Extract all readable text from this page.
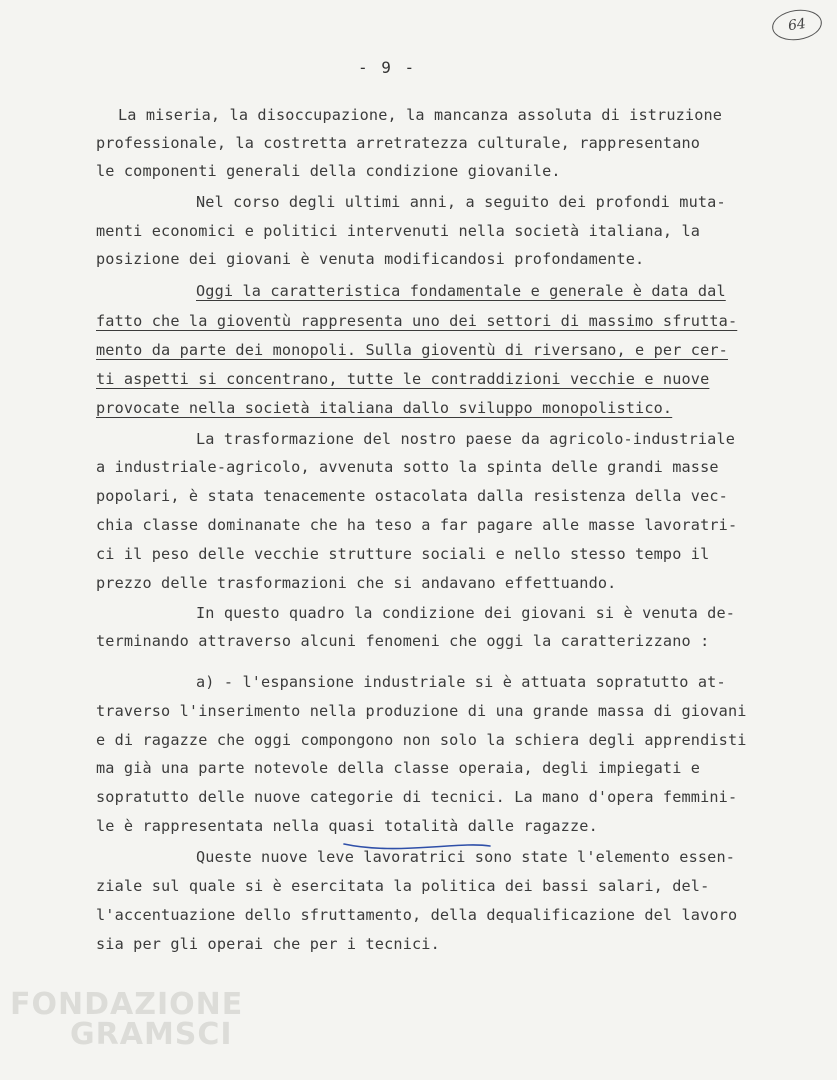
64
- 9 -
La miseria, la disoccupazione, la mancanza assoluta di istruzione
professionale, la costretta arretratezza culturale, rappresentano
le componenti generali della condizione giovanile.
Nel corso degli ultimi anni, a seguito dei profondi muta-
menti economici e politici intervenuti nella società italiana, la
posizione dei giovani è venuta modificandosi profondamente.
Oggi la caratteristica fondamentale e generale è data dal
fatto che la gioventù rappresenta uno dei settori di massimo sfrutta-
mento da parte dei monopoli. Sulla gioventù di riversano, e per cer-
ti aspetti si concentrano, tutte le contraddizioni vecchie e nuove
provocate nella società italiana dallo sviluppo monopolistico.
La trasformazione del nostro paese da agricolo-industriale
a industriale-agricolo, avvenuta sotto la spinta delle grandi masse
popolari, è stata tenacemente ostacolata dalla resistenza della vec-
chia classe dominanate che ha teso a far pagare alle masse lavoratri-
ci il peso delle vecchie strutture sociali e nello stesso tempo il
prezzo delle trasformazioni che si andavano effettuando.
In questo quadro la condizione dei giovani si è venuta de-
terminando attraverso alcuni fenomeni che oggi la caratterizzano :
a) - l'espansione industriale si è attuata sopratutto at-
traverso l'inserimento nella produzione di una grande massa di giovani
e di ragazze che oggi compongono non solo la schiera degli apprendisti
ma già una parte notevole della classe operaia, degli impiegati e
sopratutto delle nuove categorie di tecnici. La mano d'opera femmini-
le è rappresentata nella quasi totalità dalle ragazze.
Queste nuove leve lavoratrici sono state l'elemento essen-
ziale sul quale si è esercitata la politica dei bassi salari, del-
l'accentuazione dello sfruttamento, della dequalificazione del lavoro
sia per gli operai che per i tecnici.
FONDAZIONE
GRAMSCI
